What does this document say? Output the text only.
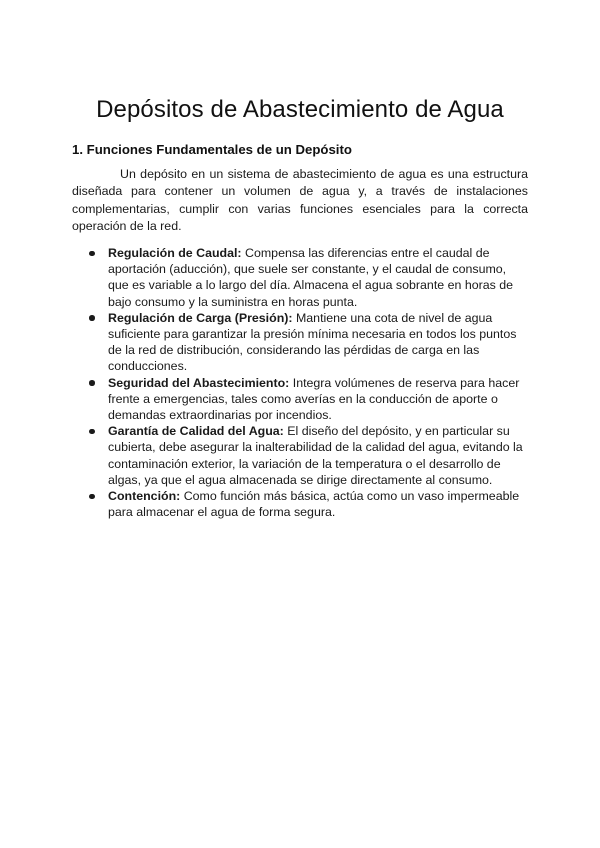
Depósitos de Abastecimiento de Agua
1. Funciones Fundamentales de un Depósito

Un depósito en un sistema de abastecimiento de agua es una estructura diseñada para contener un volumen de agua y, a través de instalaciones complementarias, cumplir con varias funciones esenciales para la correcta operación de la red.

Regulación de Caudal: Compensa las diferencias entre el caudal de aportación (aducción), que suele ser constante, y el caudal de consumo, que es variable a lo largo del día. Almacena el agua sobrante en horas de bajo consumo y la suministra en horas punta.
Regulación de Carga (Presión): Mantiene una cota de nivel de agua suficiente para garantizar la presión mínima necesaria en todos los puntos de la red de distribución, considerando las pérdidas de carga en las conducciones.
Seguridad del Abastecimiento: Integra volúmenes de reserva para hacer frente a emergencias, tales como averías en la conducción de aporte o demandas extraordinarias por incendios.
Garantía de Calidad del Agua: El diseño del depósito, y en particular su cubierta, debe asegurar la inalterabilidad de la calidad del agua, evitando la contaminación exterior, la variación de la temperatura o el desarrollo de algas, ya que el agua almacenada se dirige directamente al consumo.
Contención: Como función más básica, actúa como un vaso impermeable para almacenar el agua de forma segura.
